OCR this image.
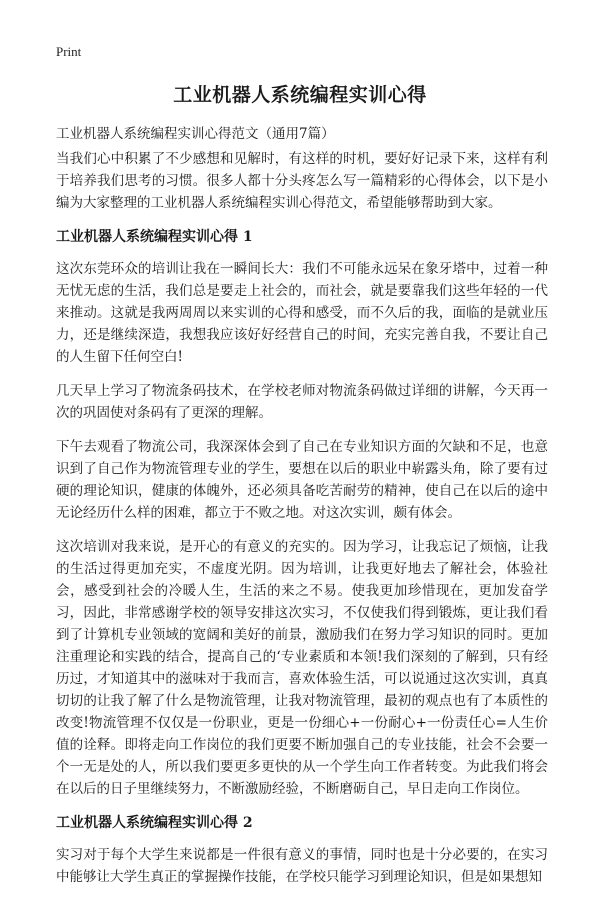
Print
工业机器人系统编程实训心得
工业机器人系统编程实训心得范文（通用7篇）

当我们心中积累了不少感想和见解时，有这样的时机，要好好记录下来，这样有利于培养我们思考的习惯。很多人都十分头疼怎么写一篇精彩的心得体会，以下是小编为大家整理的工业机器人系统编程实训心得范文，希望能够帮助到大家。

工业机器人系统编程实训心得 1

这次东莞环众的培训让我在一瞬间长大：我们不可能永远呆在象牙塔中，过着一种无忧无虑的生活，我们总是要走上社会的，而社会，就是要靠我们这些年轻的一代来推动。这就是我两周周以来实训的心得和感受，而不久后的我，面临的是就业压力，还是继续深造，我想我应该好好经营自己的时间，充实完善自我，不要让自己的人生留下任何空白!

几天早上学习了物流条码技术，在学校老师对物流条码做过详细的讲解，今天再一次的巩固使对条码有了更深的理解。

下午去观看了物流公司，我深深体会到了自己在专业知识方面的欠缺和不足，也意识到了自己作为物流管理专业的学生，要想在以后的职业中崭露头角，除了要有过硬的理论知识，健康的体魄外，还必须具备吃苦耐劳的精神，使自己在以后的途中无论经历什么样的困难，都立于不败之地。对这次实训，颇有体会。

这次培训对我来说，是开心的有意义的充实的。因为学习，让我忘记了烦恼，让我的生活过得更加充实，不虚度光阴。因为培训，让我更好地去了解社会，体验社会，感受到社会的冷暖人生，生活的来之不易。使我更加珍惜现在，更加发奋学习，因此，非常感谢学校的领导安排这次实习，不仅使我们得到锻炼，更让我们看到了计算机专业领域的宽阔和美好的前景，激励我们在努力学习知识的同时。更加注重理论和实践的结合，提高自己的‘专业素质和本领!我们深刻的了解到，只有经历过，才知道其中的滋味对于我而言，喜欢体验生活，可以说通过这次实训，真真切切的让我了解了什么是物流管理，让我对物流管理，最初的观点也有了本质性的改变!物流管理不仅仅是一份职业，更是一份细心+一份耐心+一份责任心=人生价值的诠释。即将走向工作岗位的我们更要不断加强自己的专业技能，社会不会要一个一无是处的人，所以我们要更多更快的从一个学生向工作者转变。为此我们将会在以后的日子里继续努力，不断激励经验，不断磨砺自己，早日走向工作岗位。

工业机器人系统编程实训心得 2

实习对于每个大学生来说都是一件很有意义的事情，同时也是十分必要的，在实习中能够让大学生真正的掌握操作技能，在学校只能学习到理论知识，但是如果想知
